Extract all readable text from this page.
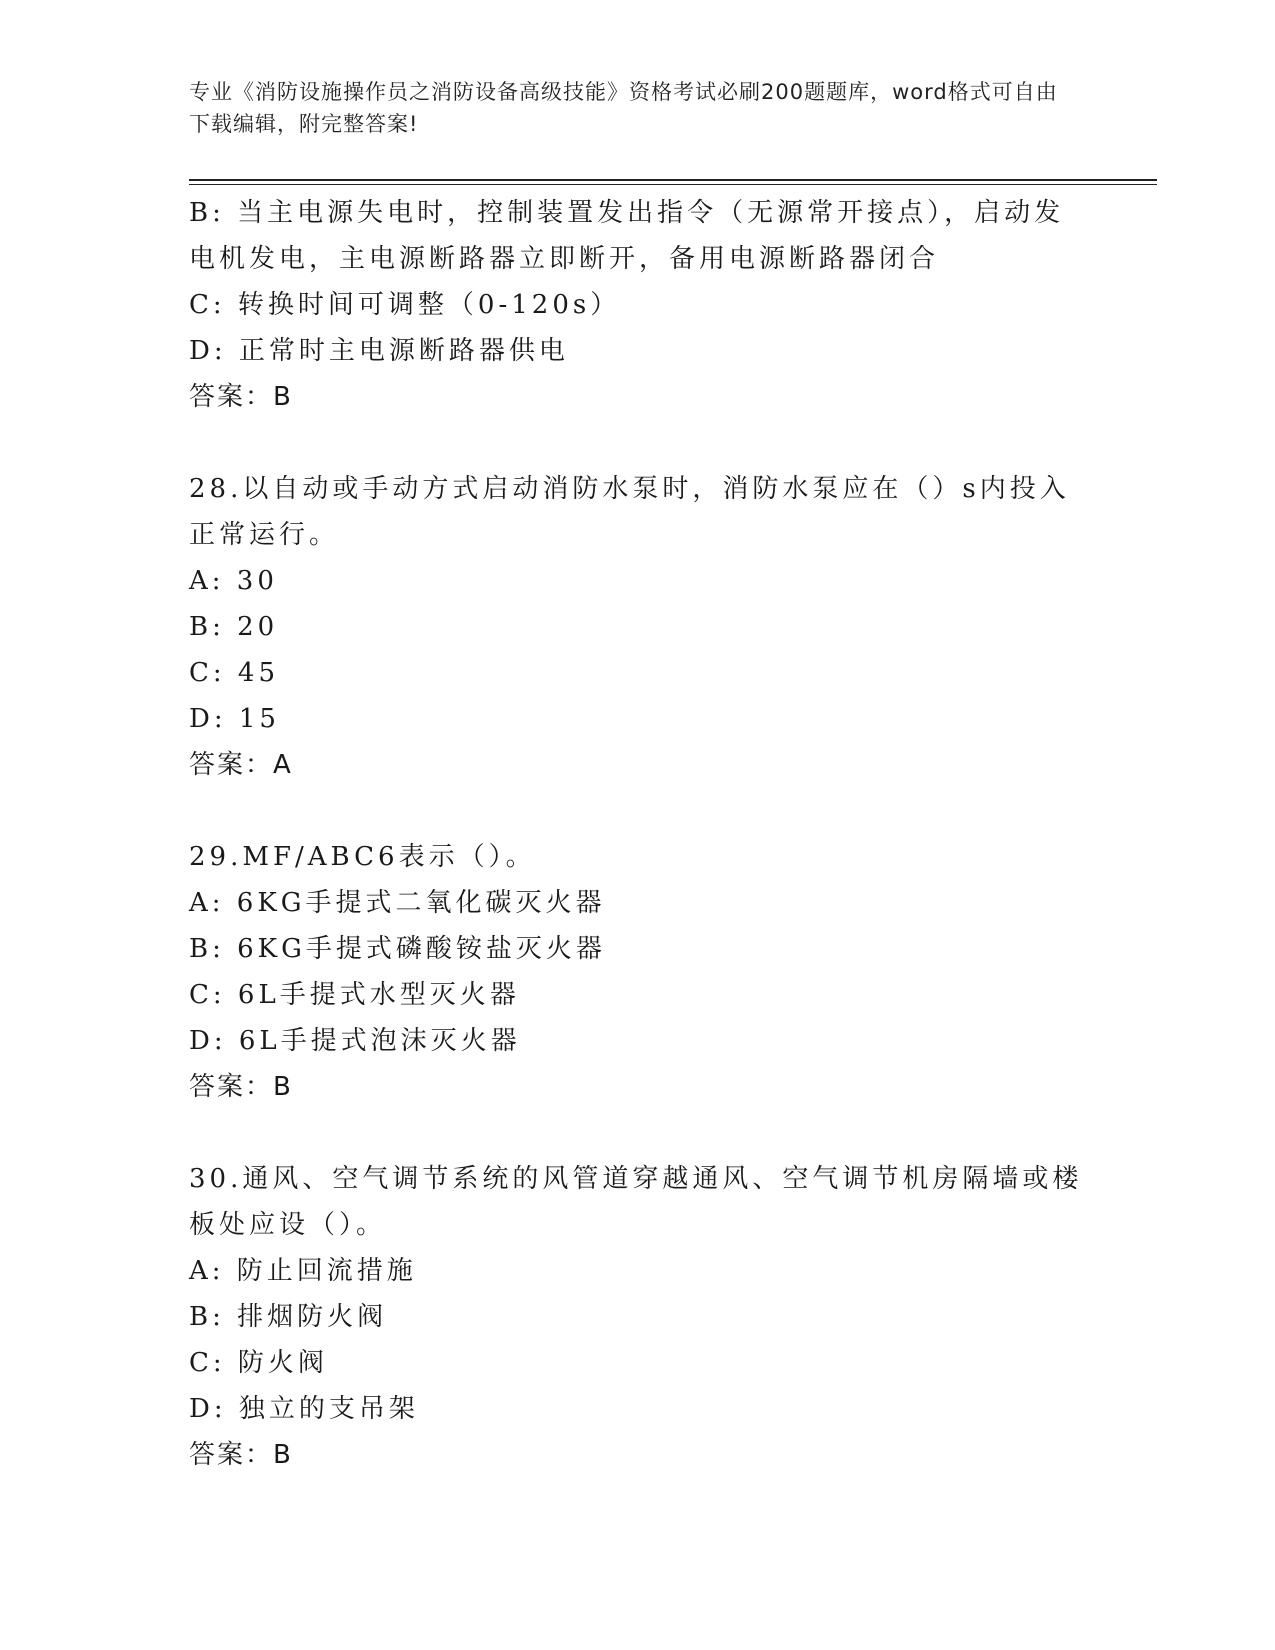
专业《消防设施操作员之消防设备高级技能》资格考试必刷200题题库，word格式可自由下载编辑，附完整答案!
B: 当主电源失电时，控制装置发出指令（无源常开接点），启动发电机发电，主电源断路器立即断开，备用电源断路器闭合
C: 转换时间可调整（0-120s）
D: 正常时主电源断路器供电
答案：B
28.以自动或手动方式启动消防水泵时，消防水泵应在（）s内投入正常运行。
A: 30
B: 20
C: 45
D: 15
答案：A
29.MF/ABC6表示（）。
A: 6KG手提式二氧化碳灭火器
B: 6KG手提式磷酸铵盐灭火器
C: 6L手提式水型灭火器
D: 6L手提式泡沫灭火器
答案：B
30.通风、空气调节系统的风管道穿越通风、空气调节机房隔墙或楼板处应设（）。
A: 防止回流措施
B: 排烟防火阀
C: 防火阀
D: 独立的支吊架
答案：B
